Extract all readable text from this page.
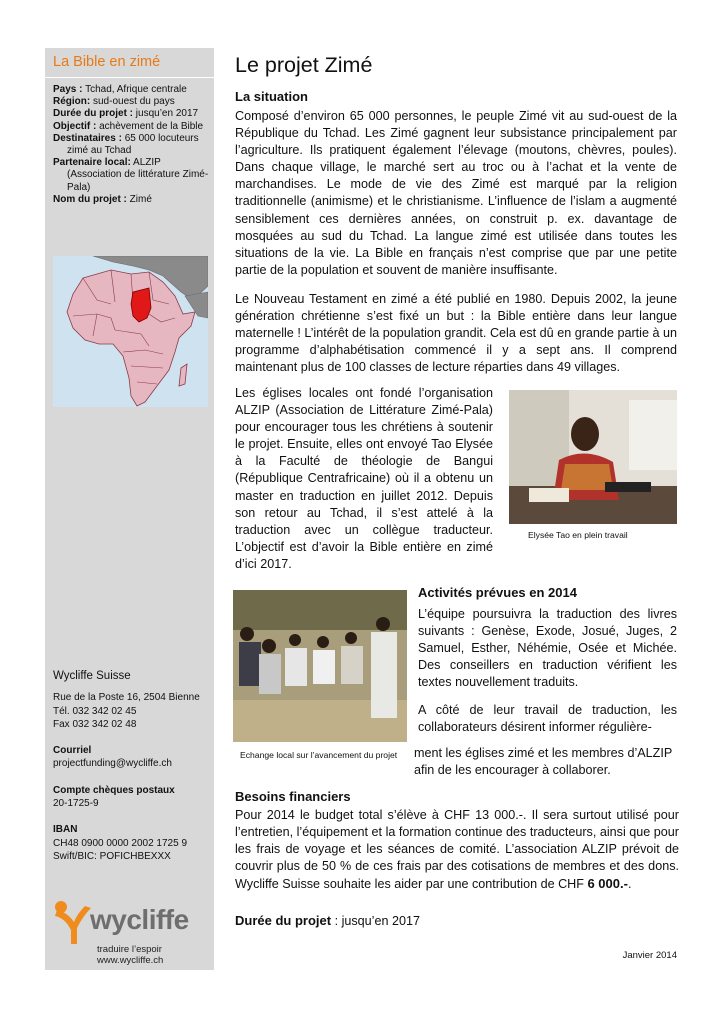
La Bible en zimé
Pays : Tchad, Afrique centrale
Région: sud-ouest du pays
Durée du projet : jusqu’en 2017
Objectif : achèvement de la Bible
Destinataires : 65 000 locuteurs zimé au Tchad
Partenaire local: ALZIP (Association de littérature Zimé-Pala)
Nom du projet : Zimé
Wycliffe Suisse
Rue de la Poste 16, 2504 Bienne
Tél. 032 342 02 45
Fax 032 342 02 48
Courriel
projectfunding@wycliffe.ch
Compte chèques postaux
20-1725-9
IBAN
CH48 0900 0000 2002 1725 9
Swift/BIC: POFICHBEXXX
wycliffe
traduire l’espoir
www.wycliffe.ch
Le projet Zimé
La situation

Composé d’environ 65 000 personnes, le peuple Zimé vit au sud-ouest de la République du Tchad. Les Zimé gagnent leur subsistance principalement par l’agriculture. Ils pratiquent également l’élevage (moutons, chèvres, poules). Dans chaque village, le marché sert au troc ou à l’achat et la vente de marchandises. Le mode de vie des Zimé est marqué par la religion traditionnelle (animisme) et le christianisme. L’influence de l’islam a augmenté sensiblement ces dernières années, on construit p. ex. davantage de mosquées au sud du Tchad. La langue zimé est utilisée dans toutes les situations de la vie. La Bible en français n’est comprise que par une petite partie de la population et souvent de manière insuffisante.

Le Nouveau Testament en zimé a été publié en 1980. Depuis 2002, la jeune génération chrétienne s’est fixé un but : la Bible entière dans leur langue maternelle ! L’intérêt de la population grandit. Cela est dû en grande partie à un programme d’alphabétisation commencé il y a sept ans. Il comprend maintenant plus de 100 classes de lecture réparties dans 49 villages.

Les églises locales ont fondé l’organisation ALZIP (Association de Littérature Zimé-Pala) pour encourager tous les chrétiens à soutenir le projet. Ensuite, elles ont envoyé Tao Elysée à la Faculté de théologie de Bangui (République Centrafricaine) où il a obtenu un master en traduction en juillet 2012. Depuis son retour au Tchad, il s’est attelé à la traduction avec un collègue traducteur. L’objectif est d’avoir la Bible entière en zimé d’ici 2017.

Elysée Tao en plein travail
Activités prévues en 2014
Echange local sur l’avancement du projet

L’équipe poursuivra la traduction des livres suivants : Genèse, Exode, Josué, Juges, 2 Samuel, Esther, Néhémie, Osée et Michée. Des conseillers en traduction vérifient les textes nouvellement traduits.

A côté de leur travail de traduction, les collaborateurs désirent informer régulière-

ment les églises zimé et les membres d’ALZIP afin de les encourager à collaborer.

Besoins financiers

Pour 2014 le budget total s’élève à CHF 13 000.-. Il sera surtout utilisé pour l’entretien, l’équipement et la formation continue des traducteurs, ainsi que pour les frais de voyage et les séances de comité. L’association ALZIP prévoit de couvrir plus de 50 % de ces frais par des cotisations de membres et des dons. Wycliffe Suisse souhaite les aider par une contribution de CHF 6 000.-.

Durée du projet : jusqu’en 2017
Janvier 2014
